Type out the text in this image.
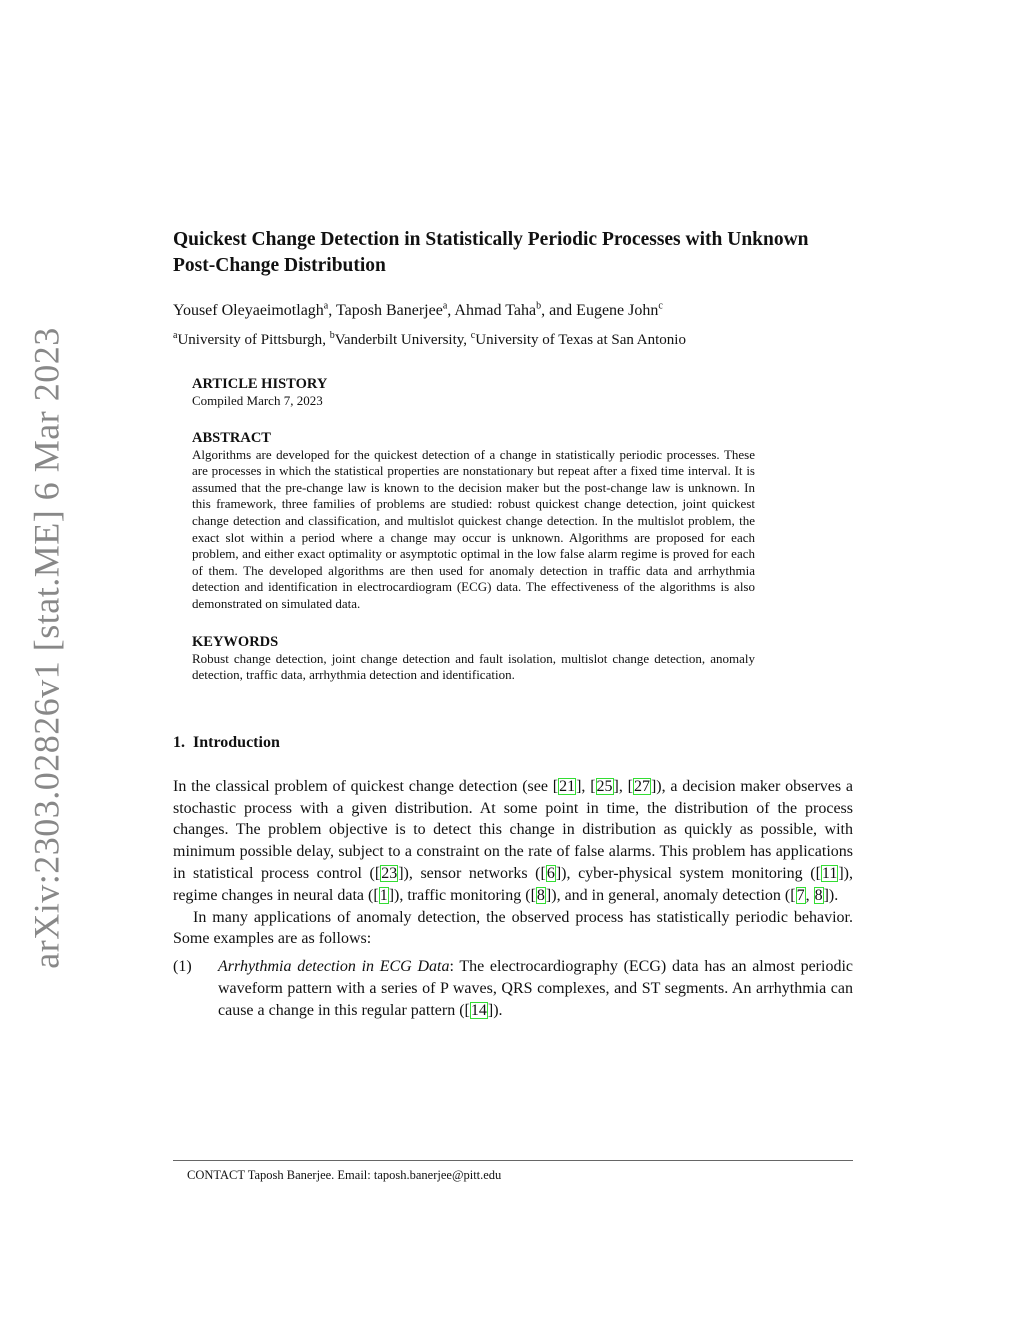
arXiv:2303.02826v1 [stat.ME] 6 Mar 2023
Quickest Change Detection in Statistically Periodic Processes with Unknown Post-Change Distribution
Yousef Oleyaeimotlagh$^a$, Taposh Banerjee$^a$, Ahmad Taha$^b$, and Eugene John$^c$
$^a$University of Pittsburgh, $^b$Vanderbilt University, $^c$University of Texas at San Antonio

ARTICLE HISTORY

Compiled March 7, 2023

ABSTRACT

Algorithms are developed for the quickest detection of a change in statistically periodic processes. These are processes in which the statistical properties are nonstationary but repeat after a fixed time interval. It is assumed that the pre-change law is known to the decision maker but the post-change law is unknown. In this framework, three families of problems are studied: robust quickest change detection, joint quickest change detection and classification, and multislot quickest change detection. In the multislot problem, the exact slot within a period where a change may occur is unknown. Algorithms are proposed for each problem, and either exact optimality or asymptotic optimal in the low false alarm regime is proved for each of them. The developed algorithms are then used for anomaly detection in traffic data and arrhythmia detection and identification in electrocardiogram (ECG) data. The effectiveness of the algorithms is also demonstrated on simulated data.

KEYWORDS

Robust change detection, joint change detection and fault isolation, multislot change detection, anomaly detection, traffic data, arrhythmia detection and identification.

1. Introduction

In the classical problem of quickest change detection (see [21], [25], [27]), a decision maker observes a stochastic process with a given distribution. At some point in time, the distribution of the process changes. The problem objective is to detect this change in distribution as quickly as possible, with minimum possible delay, subject to a constraint on the rate of false alarms. This problem has applications in statistical process control ([23]), sensor networks ([6]), cyber-physical system monitoring ([11]), regime changes in neural data ([1]), traffic monitoring ([8]), and in general, anomaly detection ([7, 8]).

In many applications of anomaly detection, the observed process has statistically periodic behavior. Some examples are as follows:

(1)	Arrhythmia detection in ECG Data: The electrocardiography (ECG) data has an almost periodic waveform pattern with a series of P waves, QRS complexes, and ST segments. An arrhythmia can cause a change in this regular pattern ([14]).
CONTACT Taposh Banerjee. Email: taposh.banerjee@pitt.edu
